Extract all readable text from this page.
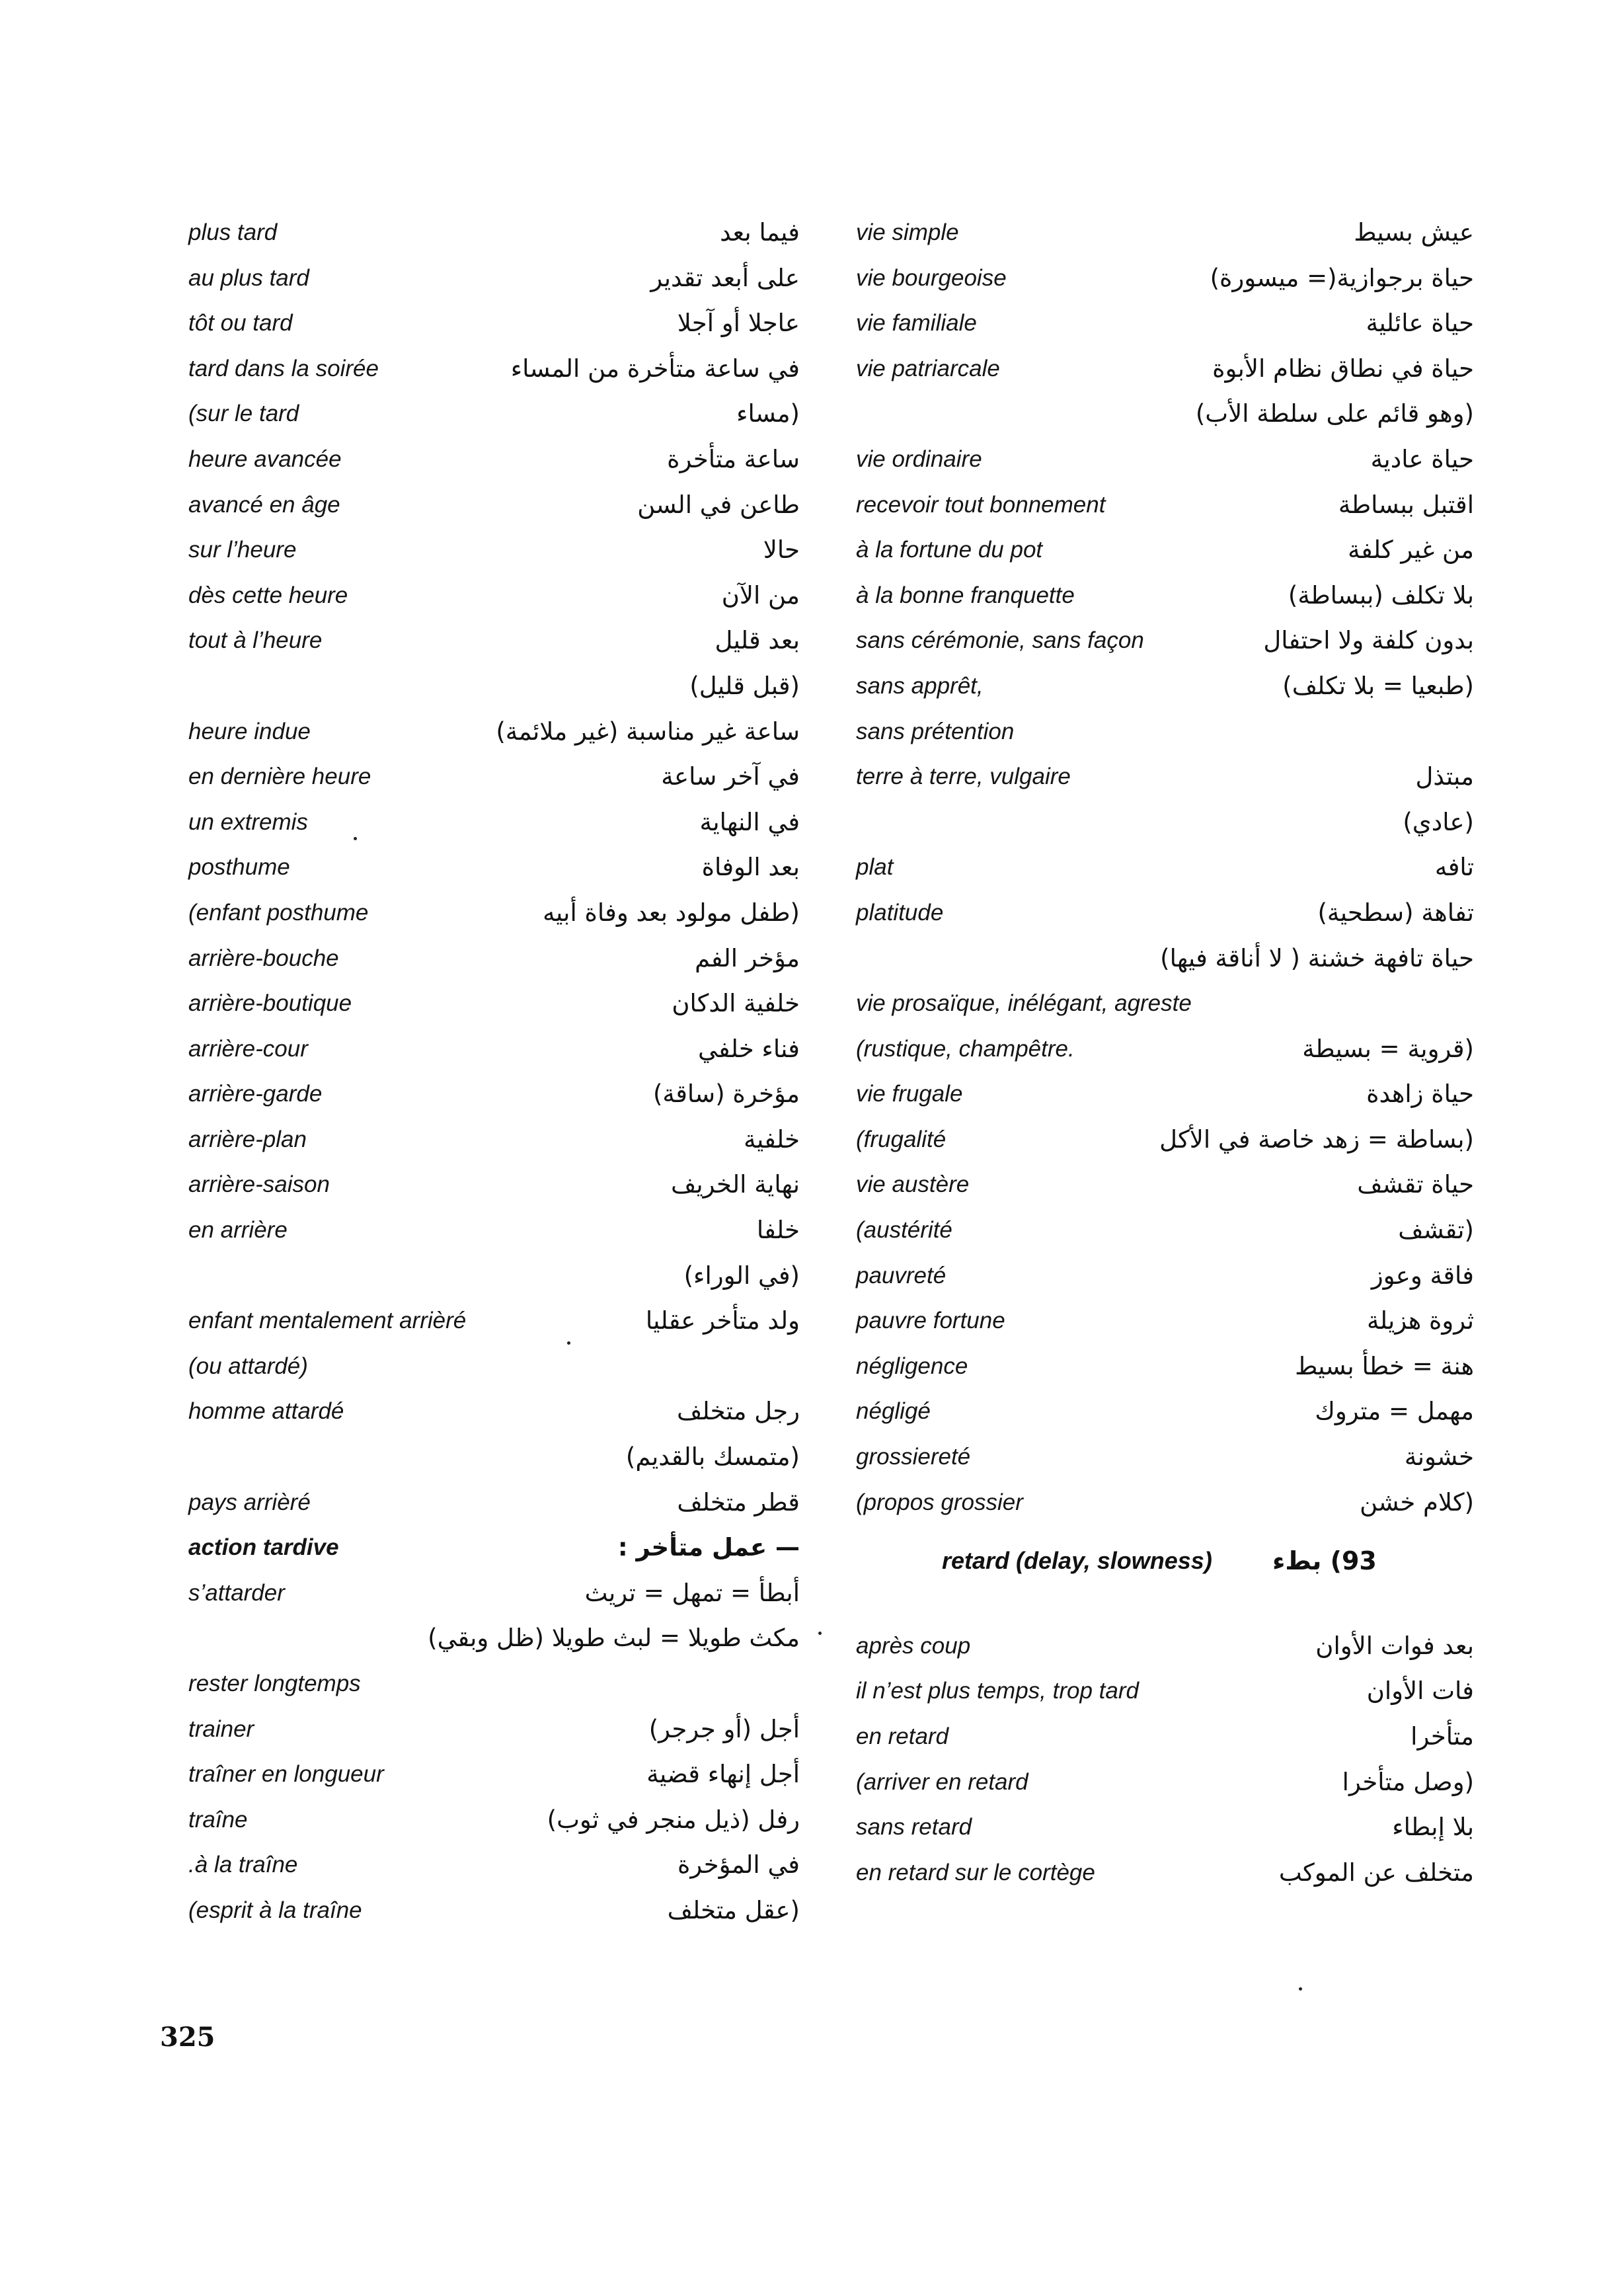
plus tard	فيما بعد
au plus tard	على أبعد تقدير
tôt ou tard	عاجلا أو آجلا
tard dans la soirée	في ساعة متأخرة من المساء
(sur le tard	(مساء
heure avancée	ساعة متأخرة
avancé en âge	طاعن في السن
sur l’heure	حالا
dès cette heure	من الآن
tout à l’heure	بعد قليل
(قبل قليل)
heure indue	ساعة غير مناسبة (غير ملائمة)
en dernière heure	في آخر ساعة
un extremis	في النهاية
posthume	بعد الوفاة
(enfant posthume	(طفل مولود بعد وفاة أبيه
arrière-bouche	مؤخر الفم
arrière-boutique	خلفية الدكان
arrière-cour	فناء خلفي
arrière-garde	مؤخرة (ساقة)
arrière-plan	خلفية
arrière-saison	نهاية الخريف
en arrière	خلفا
(في الوراء)
enfant mentalement arrièré	ولد متأخر عقليا
(ou attardé)
homme attardé	رجل متخلف
(متمسك بالقديم)
pays arrièré	قطر متخلف
action tardive	— عمل متأخر :
s’attarder	أبطأ = تمهل = تريث
مكث طويلا = لبث طويلا (ظل وبقي)
rester longtemps
trainer	أجل (أو جرجر)
traîner en longueur	أجل إنهاء قضية
traîne	رفل (ذيل منجر في ثوب)
.à la traîne	في المؤخرة
(esprit à la traîne	(عقل متخلف
vie simple	عيش بسيط
vie bourgeoise	حياة برجوازية(= ميسورة)
vie familiale	حياة عائلية
vie patriarcale	حياة في نطاق نظام الأبوة
(وهو قائم على سلطة الأب)
vie ordinaire	حياة عادية
recevoir tout bonnement	اقتبل ببساطة
à la fortune du pot	من غير كلفة
à la bonne franquette	بلا تكلف (ببساطة)
sans cérémonie, sans façon	بدون كلفة ولا احتفال
sans apprêt,	(طبعيا = بلا تكلف)
sans prétention
terre à terre, vulgaire	مبتذل
(عادي)
plat	تافه
platitude	تفاهة (سطحية)
حياة تافهة خشنة ( لا أناقة فيها)
vie prosaïque, inélégant, agreste
(rustique, champêtre.	(قروية = بسيطة
vie frugale	حياة زاهدة
(frugalité	(بساطة = زهد خاصة في الأكل
vie austère	حياة تقشف
(austérité	(تقشف
pauvreté	فاقة وعوز
pauvre fortune	ثروة هزيلة
négligence	هنة = خطأ بسيط
négligé	مهمل = متروك
grossiereté	خشونة
(propos grossier	(كلام خشن
retard (delay, slowness) 93) بطء
après coup	بعد فوات الأوان
il n’est plus temps, trop tard	فات الأوان
en retard	متأخرا
(arriver en retard	(وصل متأخرا
sans retard	بلا إبطاء
en retard sur le cortège	متخلف عن الموكب
325
